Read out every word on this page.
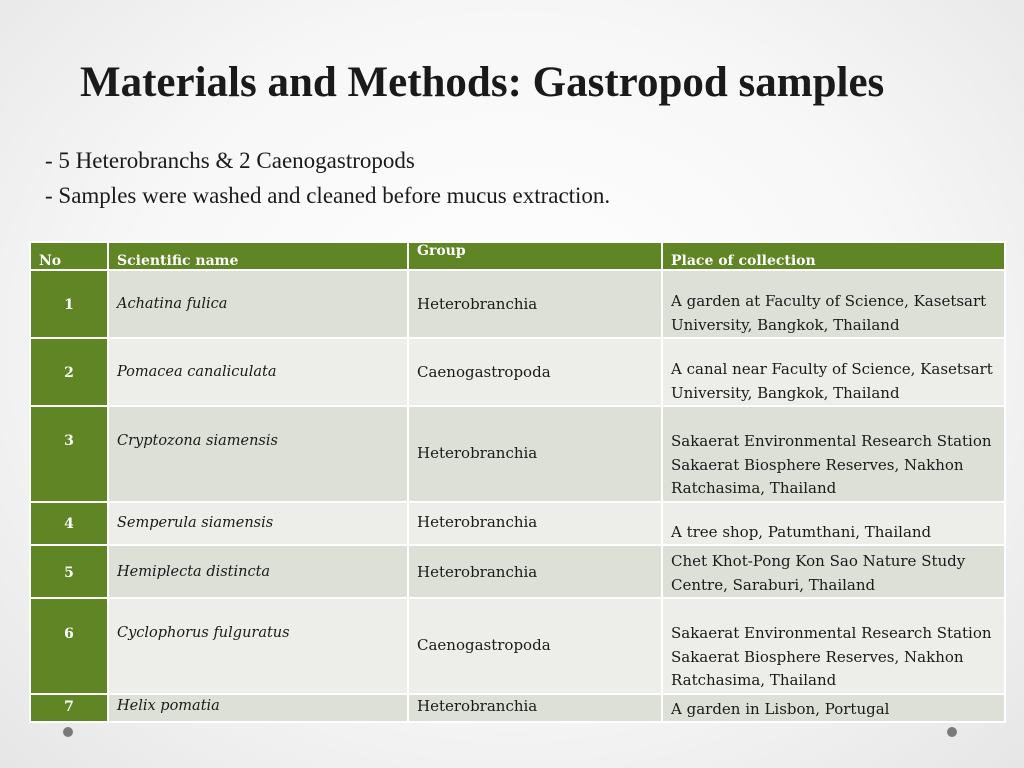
Materials and Methods: Gastropod samples
- 5 Heterobranchs & 2 Caenogastropods
- Samples were washed and cleaned before mucus extraction.
No	Scientific name	Group	Place of collection

1	Achatina fulica	Heterobranchia	A garden at Faculty of Science, Kasetsart University, Bangkok, Thailand

2	Pomacea canaliculata	Caenogastropoda	A canal near Faculty of Science, Kasetsart University, Bangkok, Thailand

3	Cryptozona siamensis	Heterobranchia	Sakaerat Environmental Research Station Sakaerat Biosphere Reserves, Nakhon Ratchasima, Thailand

4	Semperula siamensis	Heterobranchia	A tree shop, Patumthani, Thailand

5	Hemiplecta distincta	Heterobranchia	Chet Khot-Pong Kon Sao Nature Study Centre, Saraburi, Thailand

6	Cyclophorus fulguratus	Caenogastropoda	Sakaerat Environmental Research Station Sakaerat Biosphere Reserves, Nakhon Ratchasima, Thailand

7	Helix pomatia	Heterobranchia	A garden in Lisbon, Portugal
